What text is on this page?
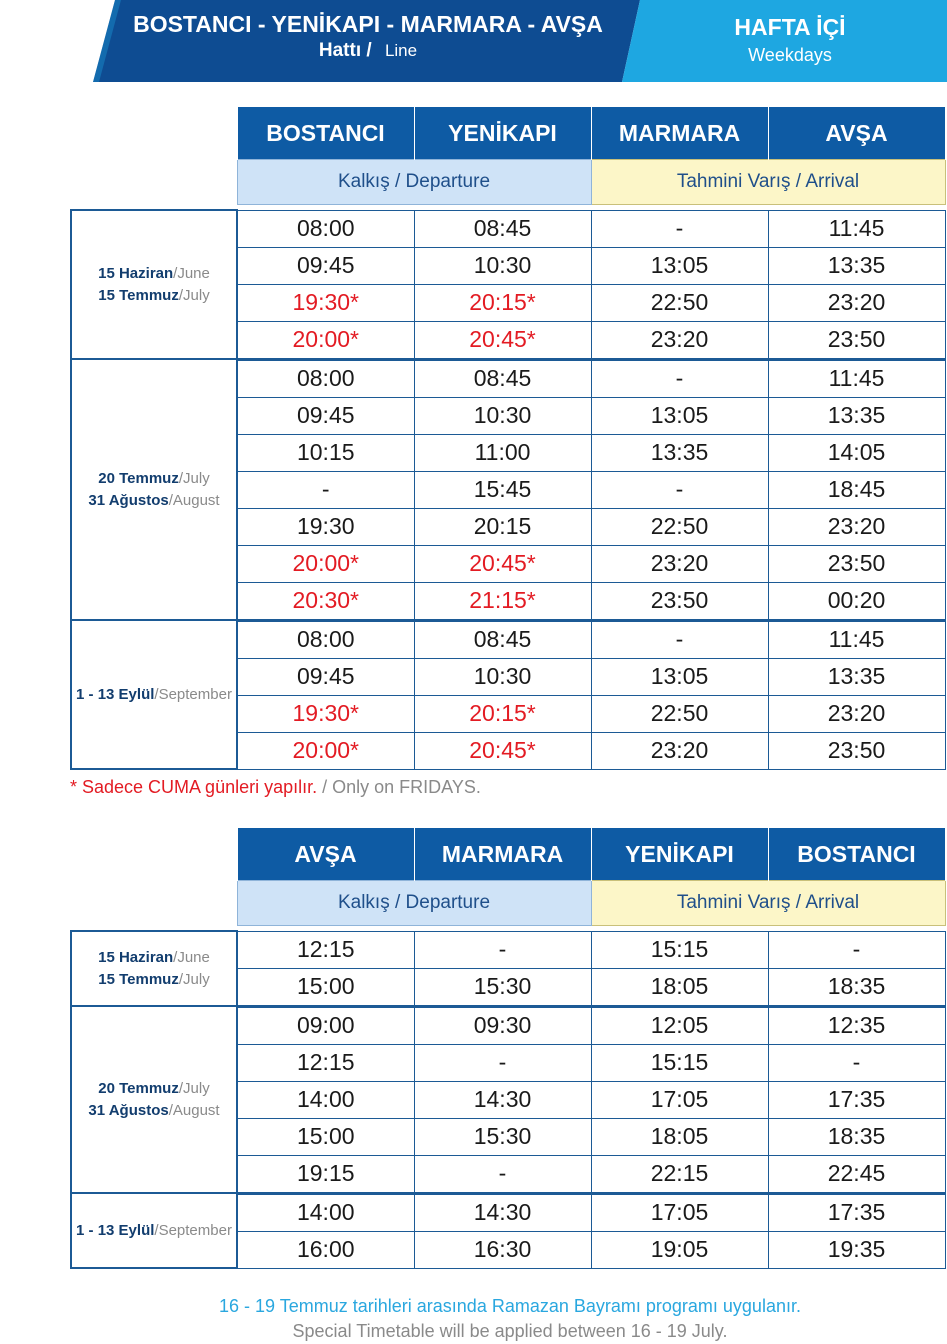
BOSTANCI - YENİKAPI - MARMARA - AVŞA
Hattı / Line
HAFTA İÇİ
Weekdays
	BOSTANCI	YENİKAPI	MARMARA	AVŞA
	Kalkış / Departure		Tahmini Varış / Arrival	

15 Haziran/June
15 Temmuz/July	08:00	08:45	-	11:45
	09:45	10:30	13:05	13:35
	19:30*	20:15*	22:50	23:20
	20:00*	20:45*	23:20	23:50

20 Temmuz/July
31 Ağustos/August	08:00	08:45	-	11:45
	09:45	10:30	13:05	13:35
	10:15	11:00	13:35	14:05
	-	15:45	-	18:45
	19:30	20:15	22:50	23:20
	20:00*	20:45*	23:20	23:50
	20:30*	21:15*	23:50	00:20

1 - 13 Eylül/September	08:00	08:45	-	11:45
	09:45	10:30	13:05	13:35
	19:30*	20:15*	22:50	23:20
	20:00*	20:45*	23:20	23:50
* Sadece CUMA günleri yapılır. / Only on FRIDAYS.
	AVŞA	MARMARA	YENİKAPI	BOSTANCI
	Kalkış / Departure		Tahmini Varış / Arrival	

15 Haziran/June
15 Temmuz/July	12:15	-	15:15	-
	15:00	15:30	18:05	18:35

20 Temmuz/July
31 Ağustos/August	09:00	09:30	12:05	12:35
	12:15	-	15:15	-
	14:00	14:30	17:05	17:35
	15:00	15:30	18:05	18:35
	19:15	-	22:15	22:45

1 - 13 Eylül/September	14:00	14:30	17:05	17:35
	16:00	16:30	19:05	19:35
16 - 19 Temmuz tarihleri arasında Ramazan Bayramı programı uygulanır.
Special Timetable will be applied between 16 - 19 July.
